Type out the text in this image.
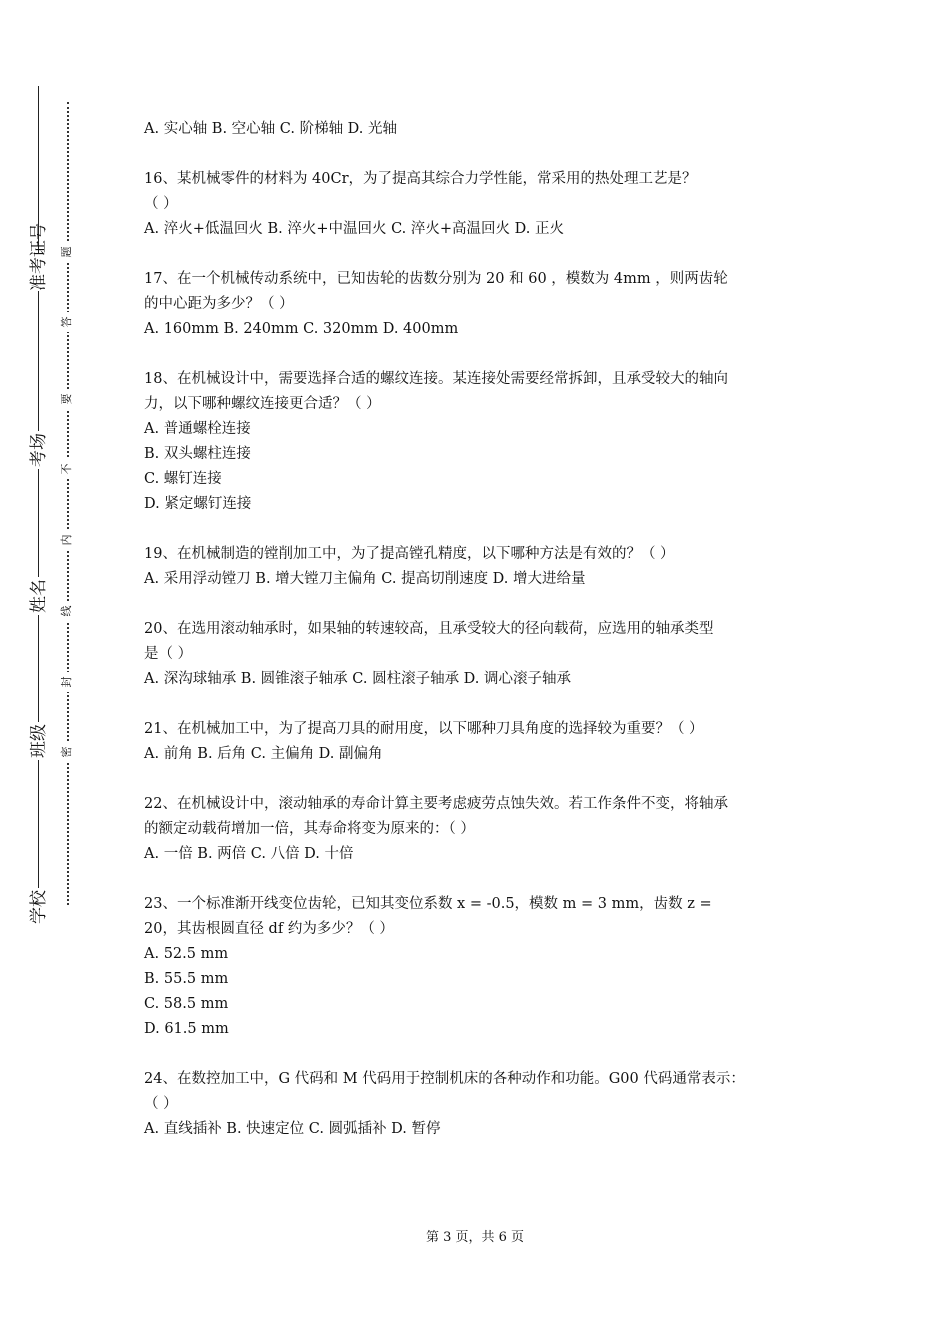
准考证号
考场
姓名
班级
学校
题
答
要
不
内
线
封
密
A. 实心轴 B. 空心轴 C. 阶梯轴 D. 光轴
16、某机械零件的材料为 40Cr，为了提高其综合力学性能，常采用的热处理工艺是？
（ ）
A. 淬火+低温回火 B. 淬火+中温回火 C. 淬火+高温回火 D. 正火
17、在一个机械传动系统中，已知齿轮的齿数分别为 20 和 60 ，模数为 4mm ，则两齿轮
的中心距为多少？（ ）
A. 160mm B. 240mm C. 320mm D. 400mm
18、在机械设计中，需要选择合适的螺纹连接。某连接处需要经常拆卸，且承受较大的轴向
力，以下哪种螺纹连接更合适？（ ）
A. 普通螺栓连接
B. 双头螺柱连接
C. 螺钉连接
D. 紧定螺钉连接
19、在机械制造的镗削加工中，为了提高镗孔精度，以下哪种方法是有效的？（ ）
A. 采用浮动镗刀 B. 增大镗刀主偏角 C. 提高切削速度 D. 增大进给量
20、在选用滚动轴承时，如果轴的转速较高，且承受较大的径向载荷，应选用的轴承类型
是（ ）
A. 深沟球轴承 B. 圆锥滚子轴承 C. 圆柱滚子轴承 D. 调心滚子轴承
21、在机械加工中，为了提高刀具的耐用度，以下哪种刀具角度的选择较为重要？（ ）
A. 前角 B. 后角 C. 主偏角 D. 副偏角
22、在机械设计中，滚动轴承的寿命计算主要考虑疲劳点蚀失效。若工作条件不变，将轴承
的额定动载荷增加一倍，其寿命将变为原来的：（ ）
A. 一倍 B. 两倍 C. 八倍 D. 十倍
23、一个标准渐开线变位齿轮，已知其变位系数 x = -0.5，模数 m = 3 mm，齿数 z =
20，其齿根圆直径 df 约为多少？（ ）
A. 52.5 mm
B. 55.5 mm
C. 58.5 mm
D. 61.5 mm
24、在数控加工中，G 代码和 M 代码用于控制机床的各种动作和功能。G00 代码通常表示：
（ ）
A. 直线插补 B. 快速定位 C. 圆弧插补 D. 暂停
第 3 页，共 6 页
